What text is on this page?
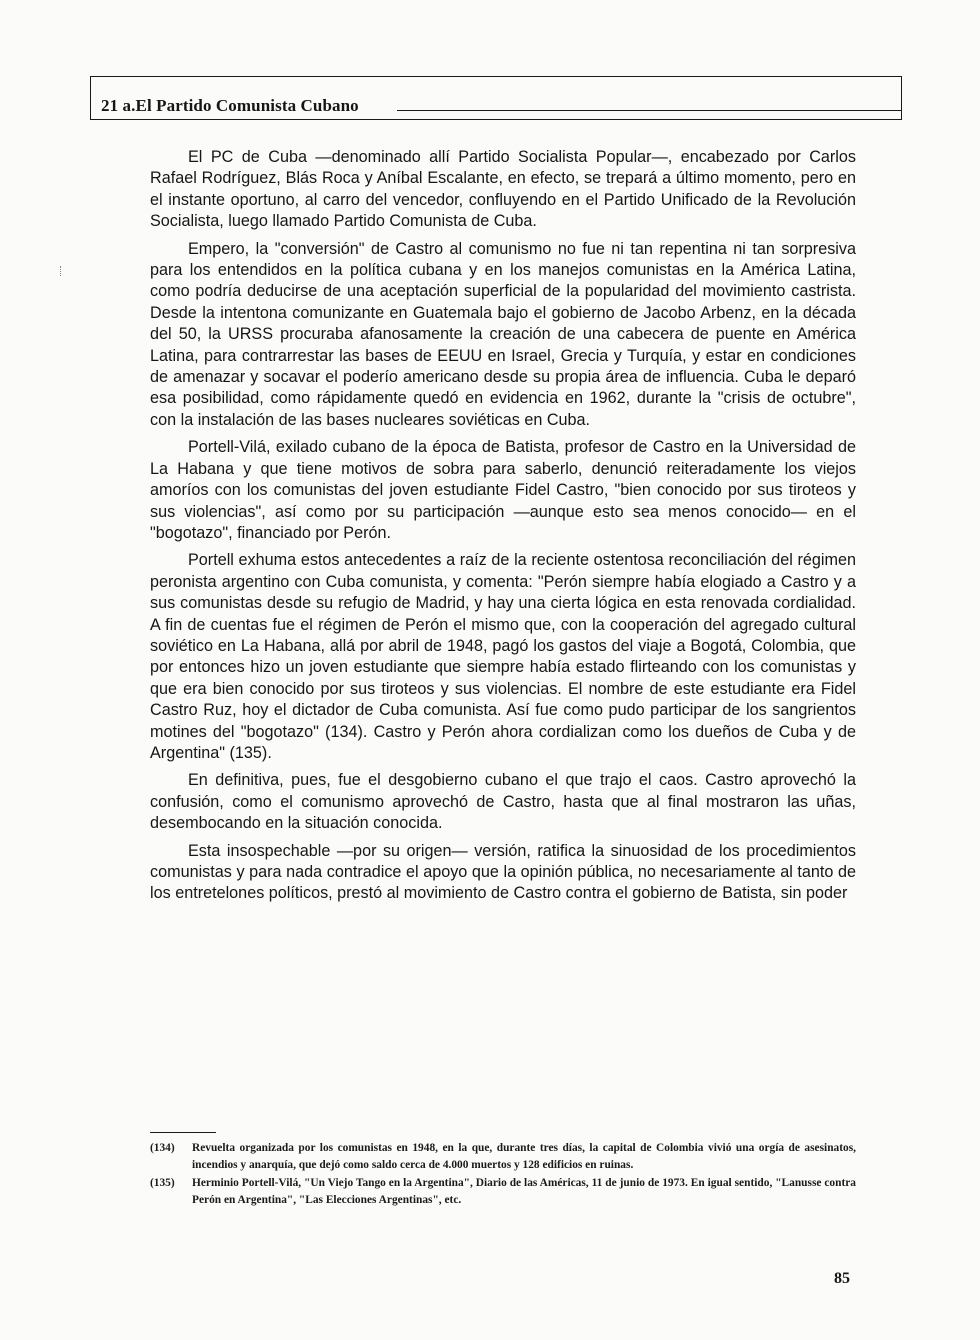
21 a.El Partido Comunista Cubano

El PC de Cuba —denominado allí Partido Socialista Popular—, encabezado por Carlos Rafael Rodríguez, Blás Roca y Aníbal Escalante, en efecto, se trepará a último momento, pero en el instante oportuno, al carro del vencedor, confluyendo en el Partido Unificado de la Revolución Socialista, luego llamado Partido Comunista de Cuba.

Empero, la "conversión" de Castro al comunismo no fue ni tan repentina ni tan sorpresiva para los entendidos en la política cubana y en los manejos comunistas en la América Latina, como podría deducirse de una aceptación superficial de la popularidad del movimiento castrista. Desde la intentona comunizante en Guatemala bajo el gobierno de Jacobo Arbenz, en la década del 50, la URSS procuraba afanosamente la creación de una cabecera de puente en América Latina, para contrarrestar las bases de EEUU en Israel, Grecia y Turquía, y estar en condiciones de amenazar y socavar el poderío americano desde su propia área de influencia. Cuba le deparó esa posibilidad, como rápidamente quedó en evidencia en 1962, durante la "crisis de octubre", con la instalación de las bases nucleares soviéticas en Cuba.

Portell-Vilá, exilado cubano de la época de Batista, profesor de Castro en la Universidad de La Habana y que tiene motivos de sobra para saberlo, denunció reiteradamente los viejos amoríos con los comunistas del joven estudiante Fidel Castro, "bien conocido por sus tiroteos y sus violencias", así como por su participación —aunque esto sea menos conocido— en el "bogotazo", financiado por Perón.

Portell exhuma estos antecedentes a raíz de la reciente ostentosa reconciliación del régimen peronista argentino con Cuba comunista, y comenta: "Perón siempre había elogiado a Castro y a sus comunistas desde su refugio de Madrid, y hay una cierta lógica en esta renovada cordialidad. A fin de cuentas fue el régimen de Perón el mismo que, con la cooperación del agregado cultural soviético en La Habana, allá por abril de 1948, pagó los gastos del viaje a Bogotá, Colombia, que por entonces hizo un joven estudiante que siempre había estado flirteando con los comunistas y que era bien conocido por sus tiroteos y sus violencias. El nombre de este estudiante era Fidel Castro Ruz, hoy el dictador de Cuba comunista. Así fue como pudo participar de los sangrientos motines del "bogotazo" (134). Castro y Perón ahora cordializan como los dueños de Cuba y de Argentina" (135).

En definitiva, pues, fue el desgobierno cubano el que trajo el caos. Castro aprovechó la confusión, como el comunismo aprovechó de Castro, hasta que al final mostraron las uñas, desembocando en la situación conocida.

Esta insospechable —por su origen— versión, ratifica la sinuosidad de los procedimientos comunistas y para nada contradice el apoyo que la opinión pública, no necesariamente al tanto de los entretelones políticos, prestó al movimiento de Castro contra el gobierno de Batista, sin poder

(134)	Revuelta organizada por los comunistas en 1948, en la que, durante tres días, la capital de Colombia vivió una orgía de asesinatos, incendios y anarquía, que dejó como saldo cerca de 4.000 muertos y 128 edificios en ruinas.
(135)	Herminio Portell-Vilá, "Un Viejo Tango en la Argentina", Diario de las Américas, 11 de junio de 1973. En igual sentido, "Lanusse contra Perón en Argentina", "Las Elecciones Argentinas", etc.
85
